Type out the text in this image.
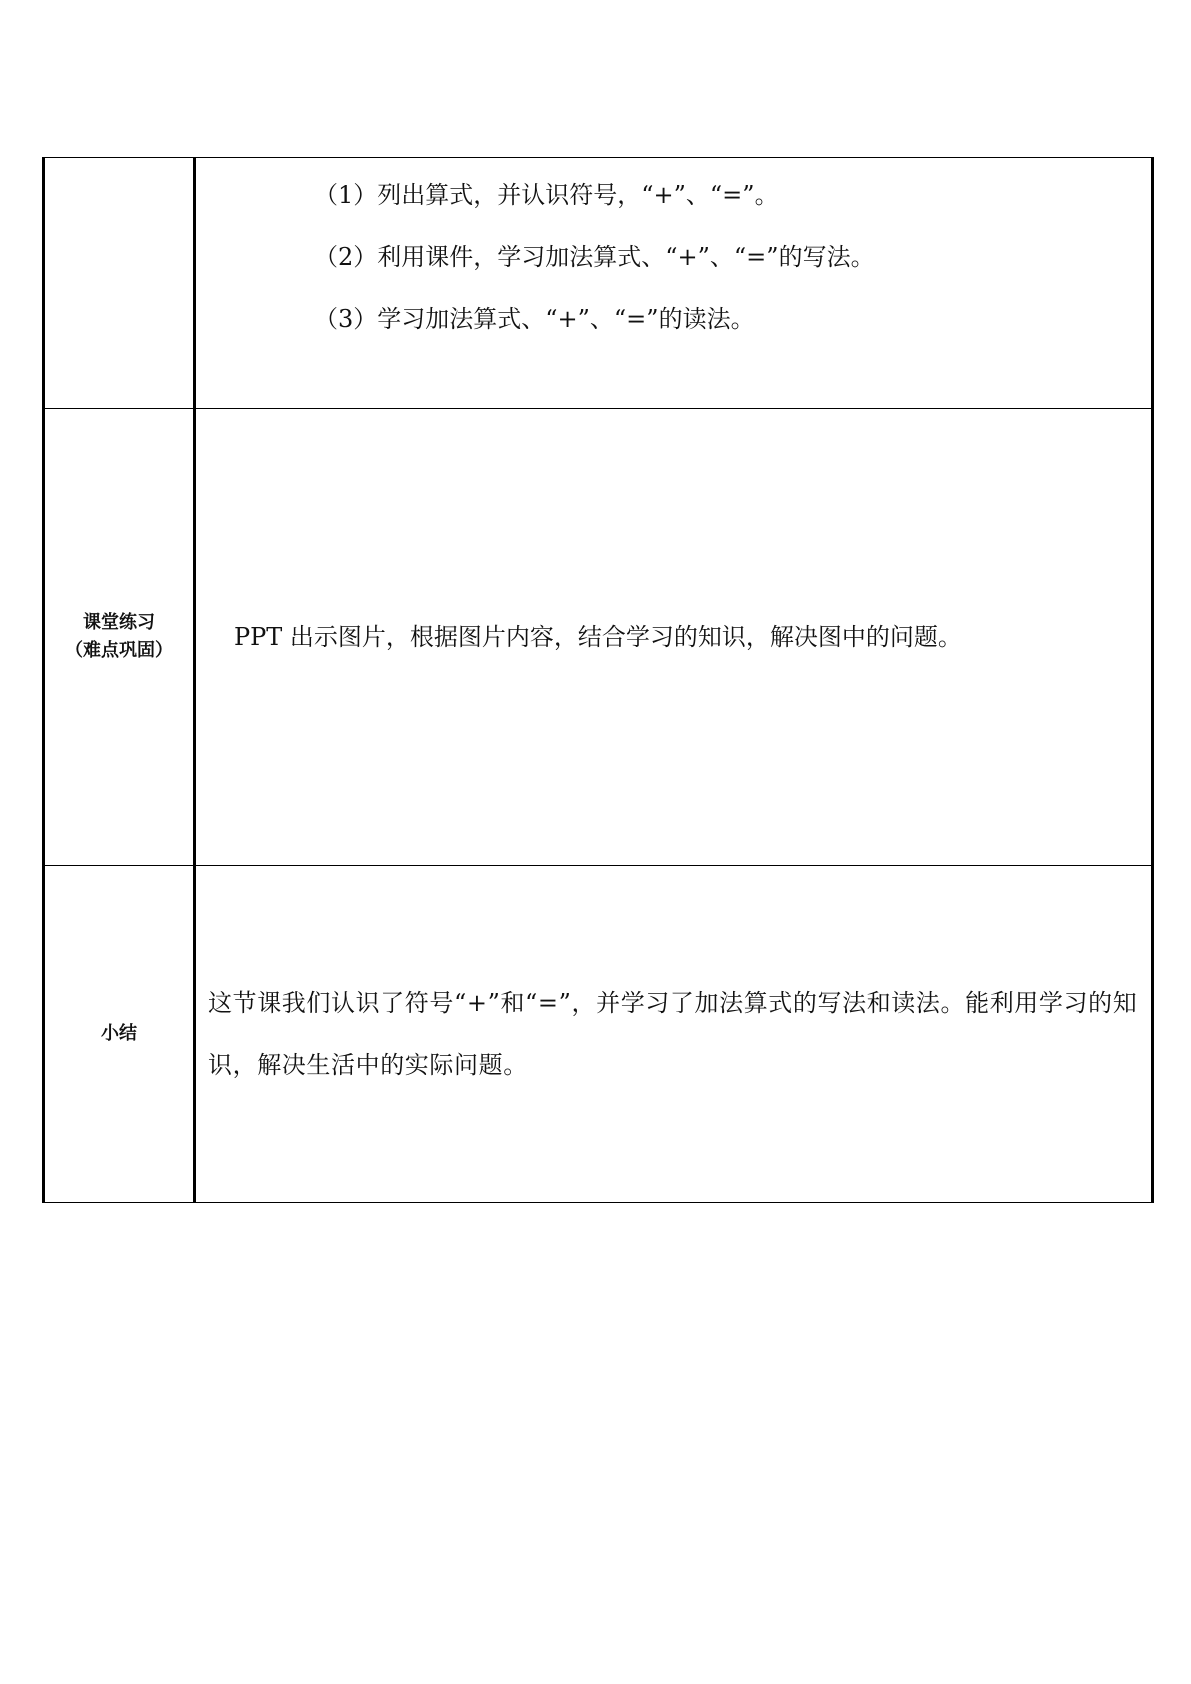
	（1）列出算式，并认识符号，“+”、“=”。
（2）利用课件，学习加法算式、“+”、“=”的写法。
（3）学习加法算式、“+”、“=”的读法。

课堂练习
（难点巩固）	PPT 出示图片，根据图片内容，结合学习的知识，解决图中的问题。

小结	这节课我们认识了符号“+”和“=”，并学习了加法算式的写法和读法。能利用学习的知识，解决生活中的实际问题。
